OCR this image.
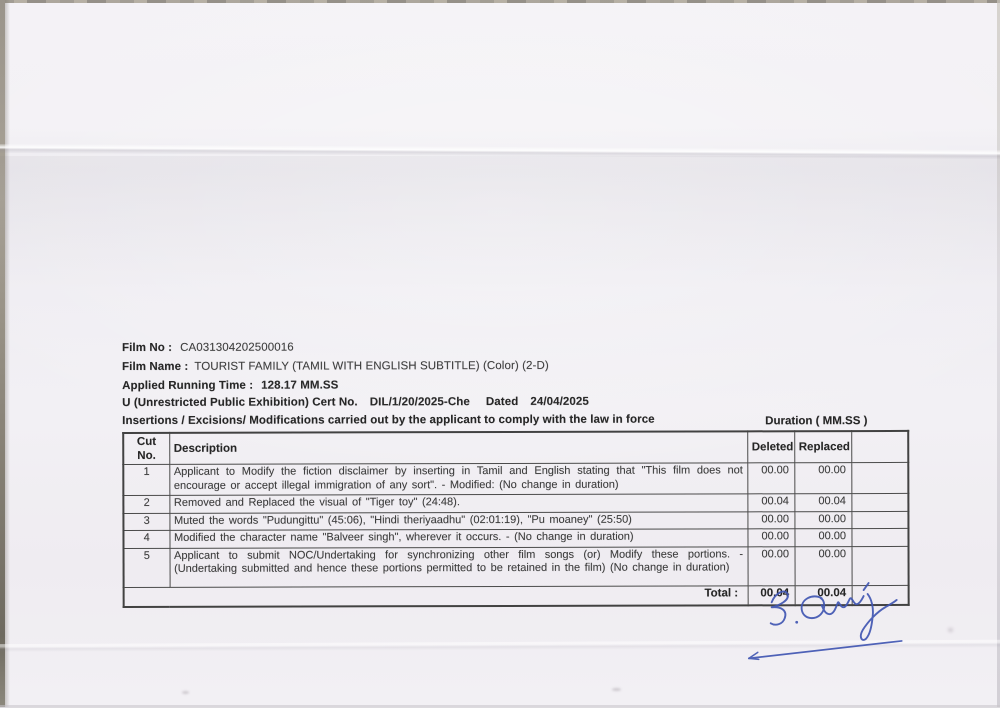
Film No : CA031304202500016
Film Name : TOURIST FAMILY (TAMIL WITH ENGLISH SUBTITLE) (Color) (2-D)
Applied Running Time : 128.17 MM.SS
U (Unrestricted Public Exhibition) Cert No. DIL/1/20/2025-Che Dated 24/04/2025
Insertions / Excisions/ Modifications carried out by the applicant to comply with the law in force	Duration ( MM.SS )
Cut No.	Description	Deleted	Replaced	
1	Applicant to Modify the fiction disclaimer by inserting in Tamil and English stating that "This film does not encourage or accept illegal immigration of any sort". - Modified: (No change in duration)	00.00	00.00	
2	Removed and Replaced the visual of "Tiger toy" (24:48).	00.04	00.04	
3	Muted the words "Pudungittu" (45:06), "Hindi theriyaadhu" (02:01:19), "Pu moaney" (25:50)	00.00	00.00	
4	Modified the character name "Balveer singh", wherever it occurs. - (No change in duration)	00.00	00.00	
5	Applicant to submit NOC/Undertaking for synchronizing other film songs (or) Modify these portions. - (Undertaking submitted and hence these portions permitted to be retained in the film) (No change in duration)	00.00	00.00	
Total :		00.04	00.04	
